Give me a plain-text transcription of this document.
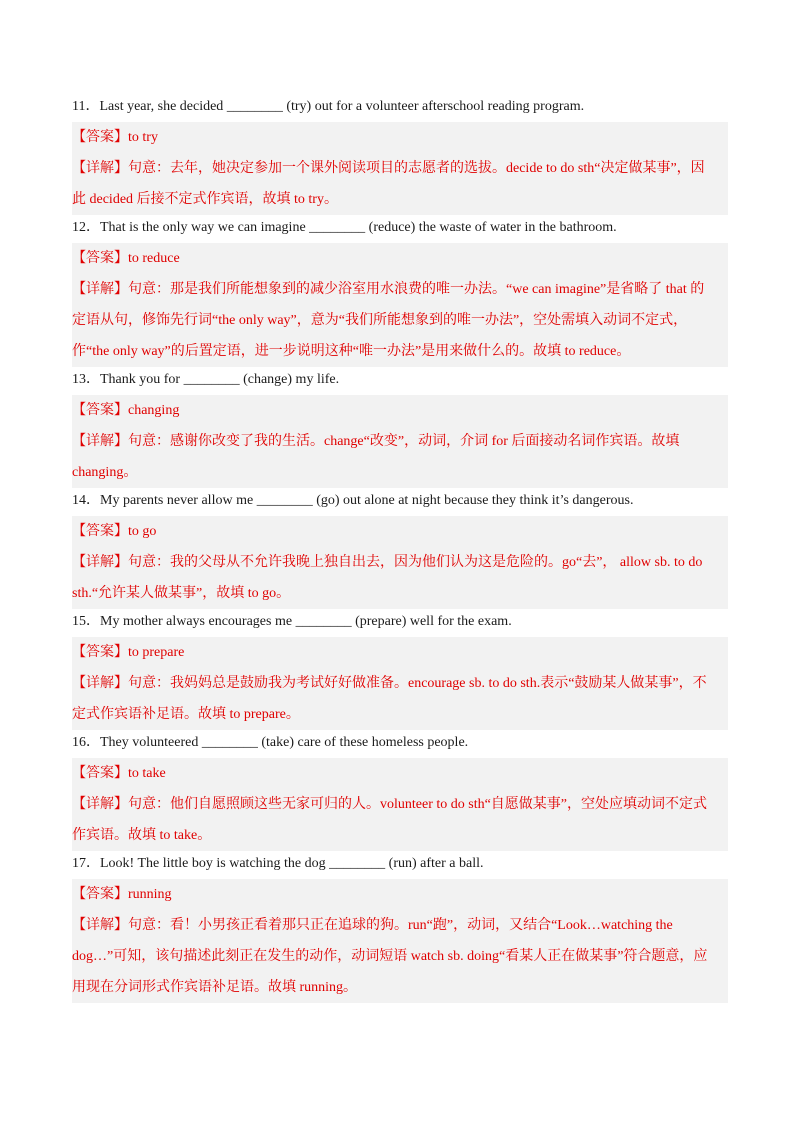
11．Last year, she decided ________ (try) out for a volunteer afterschool reading program.
【答案】to try
【详解】句意：去年，她决定参加一个课外阅读项目的志愿者的选拔。decide to do sth“决定做某事”，因
此 decided 后接不定式作宾语，故填 to try。
12．That is the only way we can imagine ________ (reduce) the waste of water in the bathroom.
【答案】to reduce
【详解】句意：那是我们所能想象到的减少浴室用水浪费的唯一办法。“we can imagine”是省略了 that 的
定语从句，修饰先行词“the only way”，意为“我们所能想象到的唯一办法”，空处需填入动词不定式，
作“the only way”的后置定语，进一步说明这种“唯一办法”是用来做什么的。故填 to reduce。
13．Thank you for ________ (change) my life.
【答案】changing
【详解】句意：感谢你改变了我的生活。change“改变”，动词，介词 for 后面接动名词作宾语。故填
changing。
14．My parents never allow me ________ (go) out alone at night because they think it’s dangerous.
【答案】to go
【详解】句意：我的父母从不允许我晚上独自出去，因为他们认为这是危险的。go“去”， allow sb. to do
sth.“允许某人做某事”，故填 to go。
15．My mother always encourages me ________ (prepare) well for the exam.
【答案】to prepare
【详解】句意：我妈妈总是鼓励我为考试好好做准备。encourage sb. to do sth.表示“鼓励某人做某事”，不
定式作宾语补足语。故填 to prepare。
16．They volunteered ________ (take) care of these homeless people.
【答案】to take
【详解】句意：他们自愿照顾这些无家可归的人。volunteer to do sth“自愿做某事”，空处应填动词不定式
作宾语。故填 to take。
17．Look! The little boy is watching the dog ________ (run) after a ball.
【答案】running
【详解】句意：看！小男孩正看着那只正在追球的狗。run“跑”，动词，又结合“Look…watching the
dog…”可知，该句描述此刻正在发生的动作，动词短语 watch sb. doing“看某人正在做某事”符合题意，应
用现在分词形式作宾语补足语。故填 running。
